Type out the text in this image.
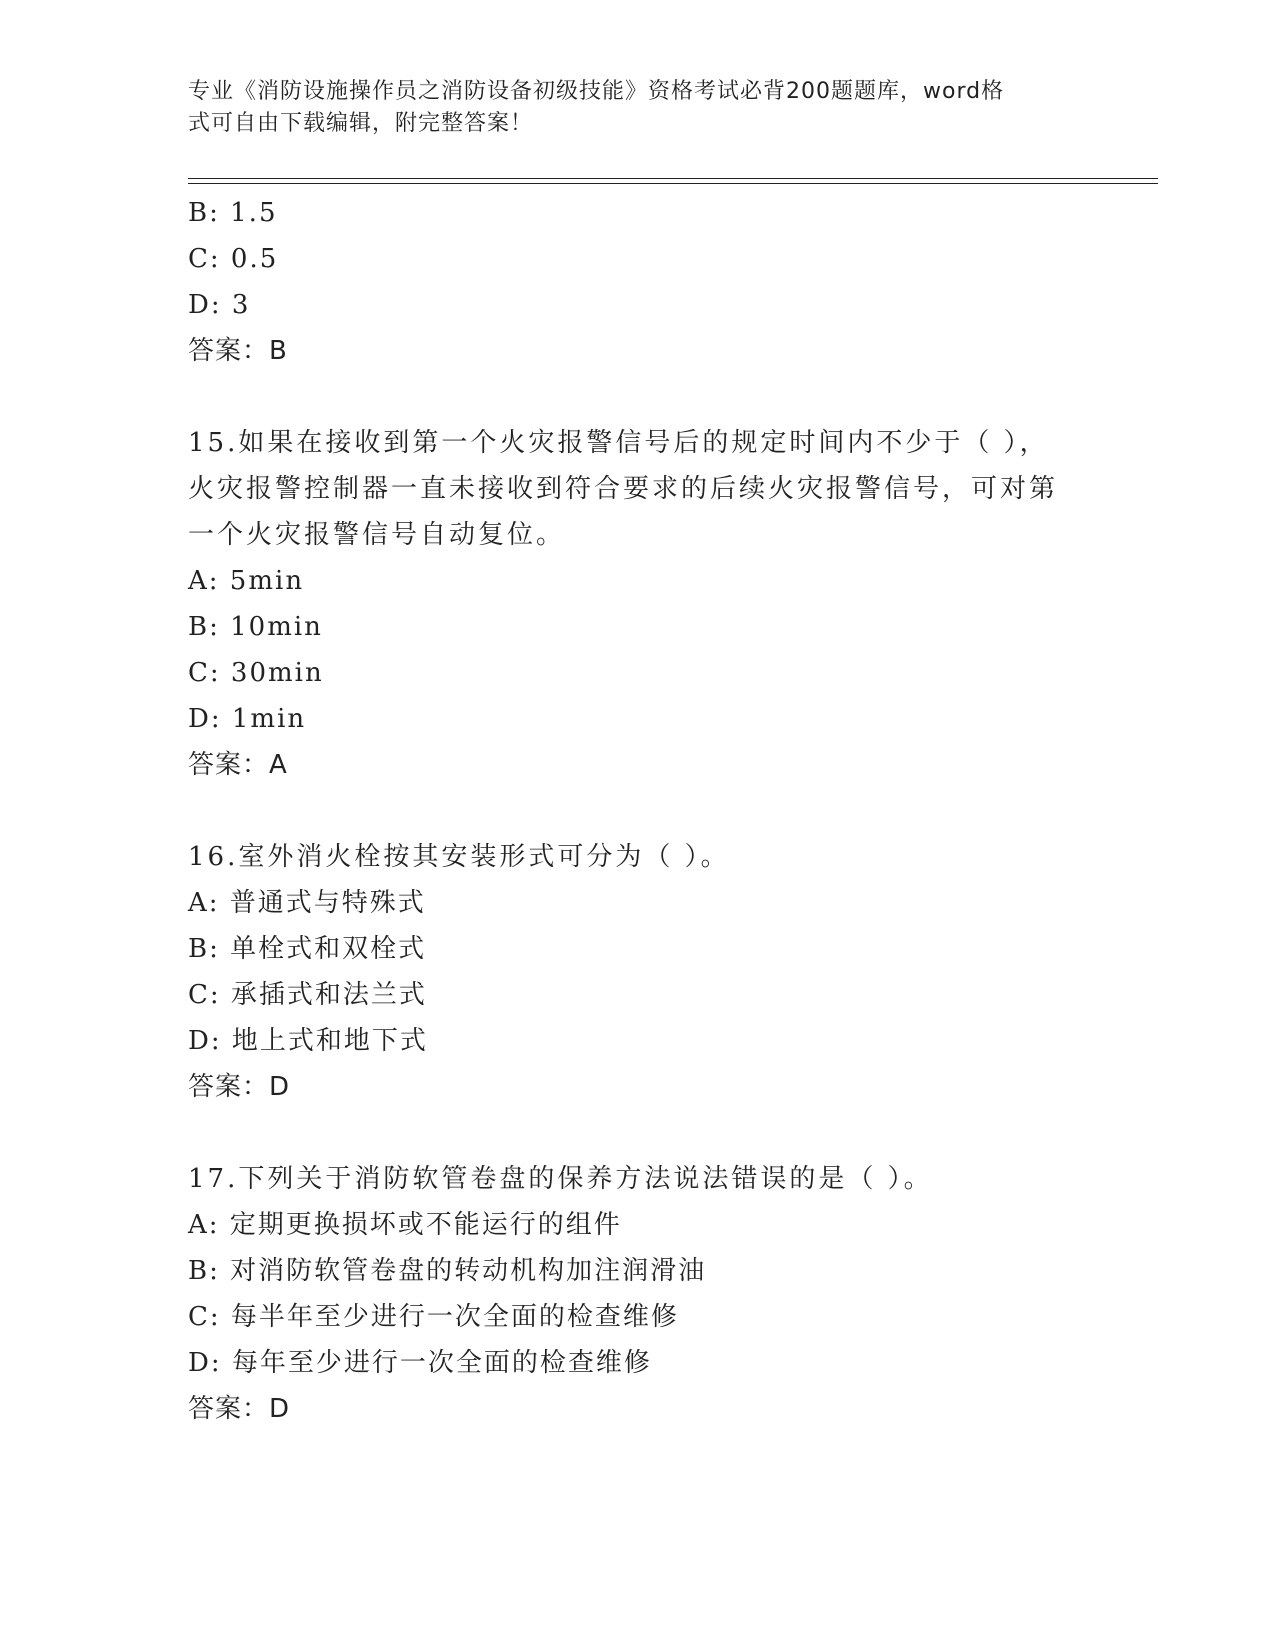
专业《消防设施操作员之消防设备初级技能》资格考试必背200题题库，word格
式可自由下载编辑，附完整答案！
B: 1.5
C: 0.5
D: 3
答案：B
15.如果在接收到第一个火灾报警信号后的规定时间内不少于（ ），
火灾报警控制器一直未接收到符合要求的后续火灾报警信号，可对第
一个火灾报警信号自动复位。
A: 5min
B: 10min
C: 30min
D: 1min
答案：A
16.室外消火栓按其安装形式可分为（ ）。
A: 普通式与特殊式
B: 单栓式和双栓式
C: 承插式和法兰式
D: 地上式和地下式
答案：D
17.下列关于消防软管卷盘的保养方法说法错误的是（ ）。
A: 定期更换损坏或不能运行的组件
B: 对消防软管卷盘的转动机构加注润滑油
C: 每半年至少进行一次全面的检查维修
D: 每年至少进行一次全面的检查维修
答案：D
